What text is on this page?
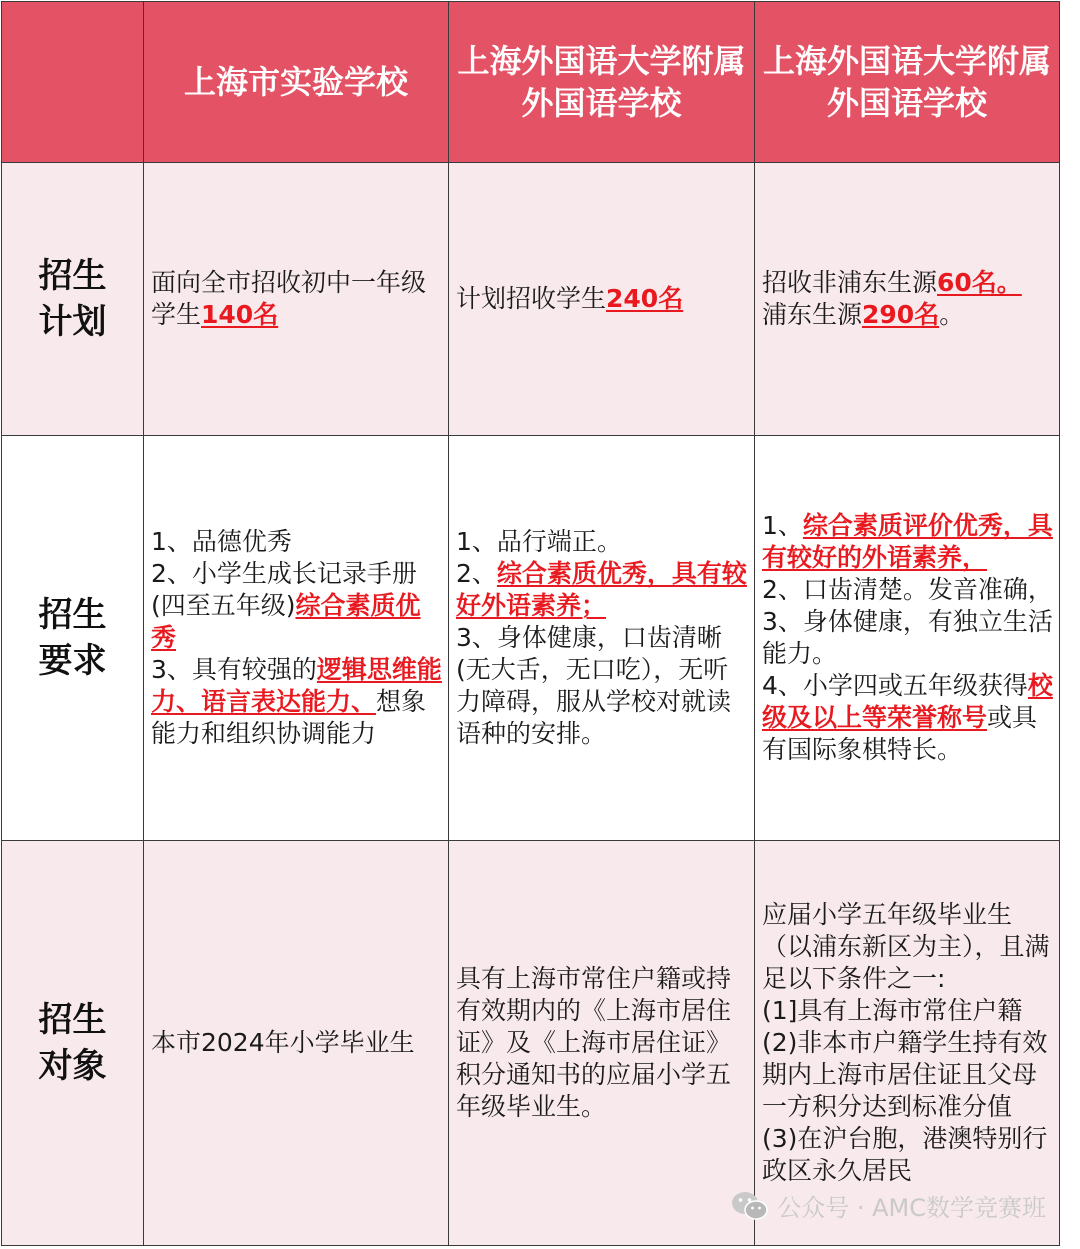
	上海市实验学校	上海外国语大学附属外国语学校	上海外国语大学附属外国语学校

招生计划	面向全市招收初中一年级学生140名	计划招收学生240名	招收非浦东生源60名。
浦东生源290名。

招生要求	1、品德优秀
2、小学生成长记录手册(四至五年级)综合素质优秀
3、具有较强的逻辑思维能力、语言表达能力、想象能力和组织协调能力	1、品行端正。
2、综合素质优秀，具有较好外语素养；
3、身体健康，口齿清晰(无大舌，无口吃），无听力障碍，服从学校对就读语种的安排。	1、综合素质评价优秀，具有较好的外语素养，
2、口齿清楚。发音准确，
3、身体健康，有独立生活能力。
4、小学四或五年级获得校级及以上等荣誉称号或具有国际象棋特长。

招生对象	本市2024年小学毕业生	具有上海市常住户籍或持有效期内的《上海市居住证》及《上海市居住证》积分通知书的应届小学五年级毕业生。	应届小学五年级毕业生（以浦东新区为主），且满足以下条件之一:
(1]具有上海市常住户籍
(2)非本市户籍学生持有效期内上海市居住证且父母一方积分达到标准分值
(3)在沪台胞，港澳特别行政区永久居民
公众号 · AMC数学竞赛班
